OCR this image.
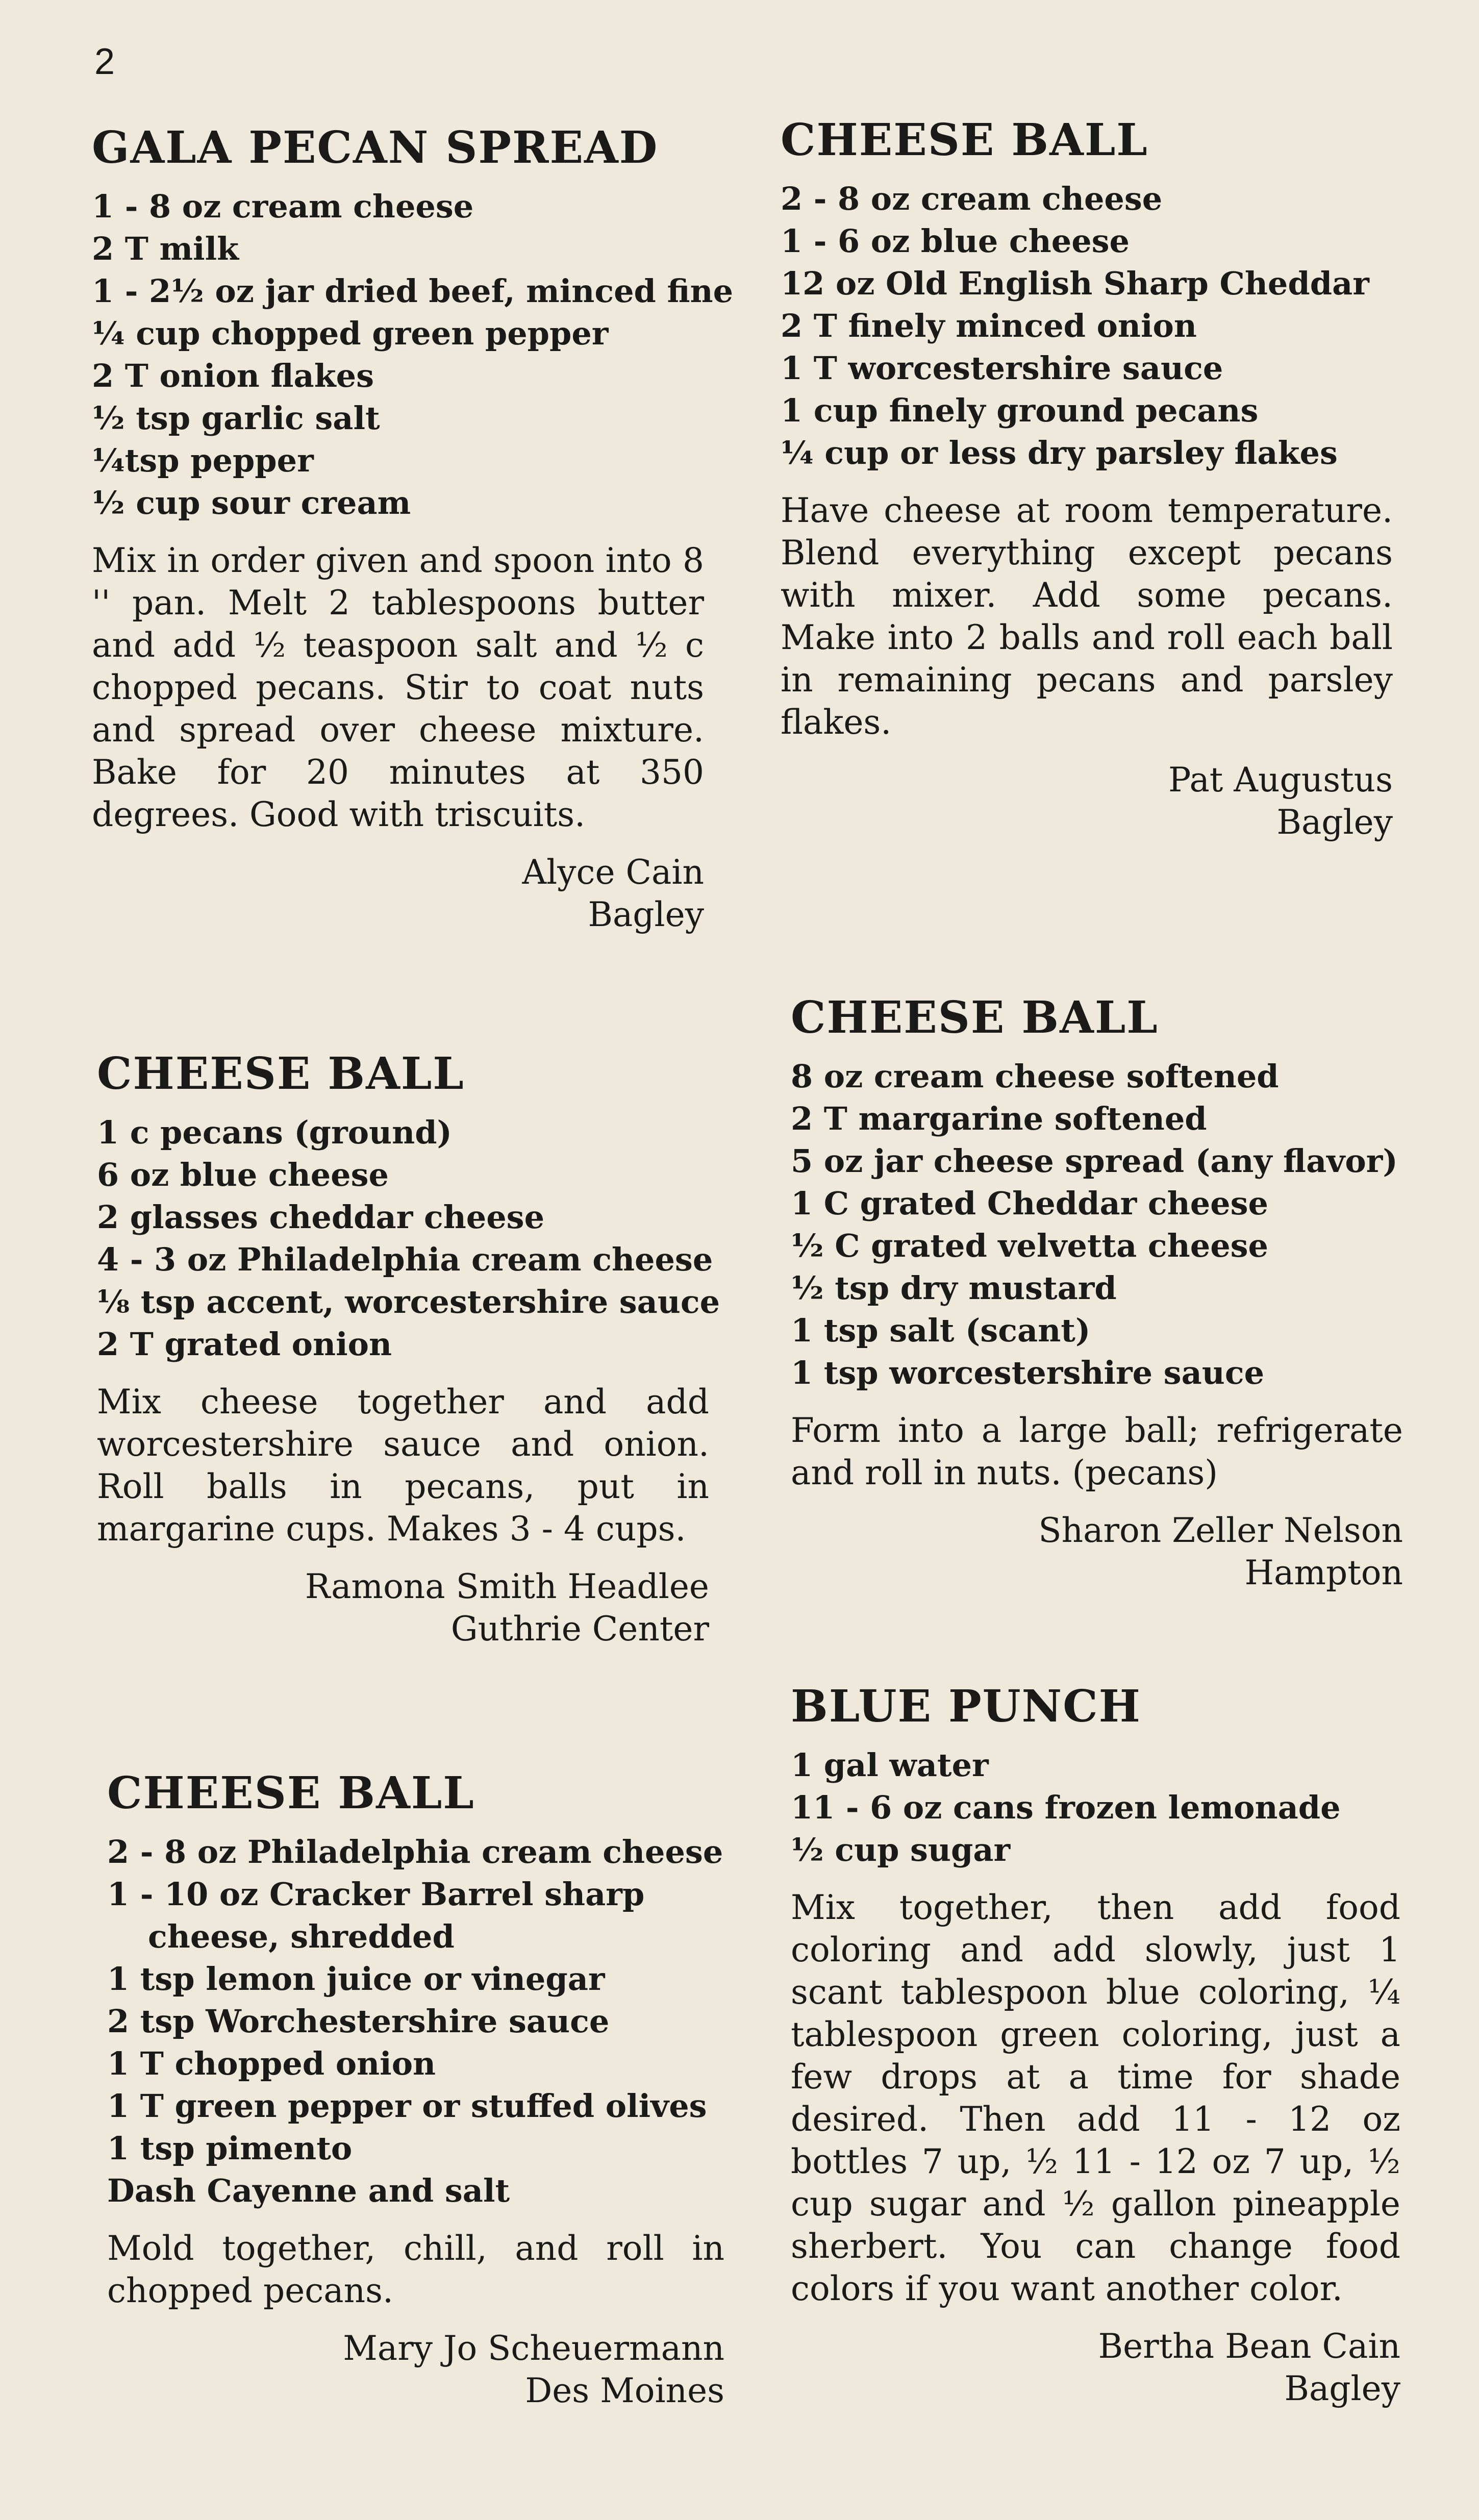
2
GALA PECAN SPREAD
1 - 8 oz cream cheese
2 T milk
1 - 2½ oz jar dried beef, minced fine
¼ cup chopped green pepper
2 T onion flakes
½ tsp garlic salt
¼tsp pepper
½ cup sour cream

Mix in order given and spoon into 8 '' pan. Melt 2 tablespoons butter and add ½ teaspoon salt and ½ c chopped pecans. Stir to coat nuts and spread over cheese mixture. Bake for 20 minutes at 350 degrees. Good with triscuits.

Alyce Cain
Bagley
CHEESE BALL
1 c pecans (ground)
6 oz blue cheese
2 glasses cheddar cheese
4 - 3 oz Philadelphia cream cheese
⅛ tsp accent, worcestershire sauce
2 T grated onion

Mix cheese together and add worcestershire sauce and onion. Roll balls in pecans, put in margarine cups. Makes 3 - 4 cups.

Ramona Smith Headlee
Guthrie Center
CHEESE BALL
2 - 8 oz Philadelphia cream cheese
1 - 10 oz Cracker Barrel sharp cheese, shredded
1 tsp lemon juice or vinegar
2 tsp Worchestershire sauce
1 T chopped onion
1 T green pepper or stuffed olives
1 tsp pimento
Dash Cayenne and salt

Mold together, chill, and roll in chopped pecans.

Mary Jo Scheuermann
Des Moines
CHEESE BALL
2 - 8 oz cream cheese
1 - 6 oz blue cheese
12 oz Old English Sharp Cheddar
2 T finely minced onion
1 T worcestershire sauce
1 cup finely ground pecans
¼ cup or less dry parsley flakes

Have cheese at room temperature. Blend everything except pecans with mixer. Add some pecans. Make into 2 balls and roll each ball in remaining pecans and parsley flakes.

Pat Augustus
Bagley
CHEESE BALL
8 oz cream cheese softened
2 T margarine softened
5 oz jar cheese spread (any flavor)
1 C grated Cheddar cheese
½ C grated velvetta cheese
½ tsp dry mustard
1 tsp salt (scant)
1 tsp worcestershire sauce

Form into a large ball; refrigerate and roll in nuts. (pecans)

Sharon Zeller Nelson
Hampton
BLUE PUNCH
1 gal water
11 - 6 oz cans frozen lemonade
½ cup sugar

Mix together, then add food coloring and add slowly, just 1 scant tablespoon blue coloring, ¼ tablespoon green coloring, just a few drops at a time for shade desired. Then add 11 - 12 oz bottles 7 up, ½ 11 - 12 oz 7 up, ½ cup sugar and ½ gallon pineapple sherbert. You can change food colors if you want another color.

Bertha Bean Cain
Bagley
